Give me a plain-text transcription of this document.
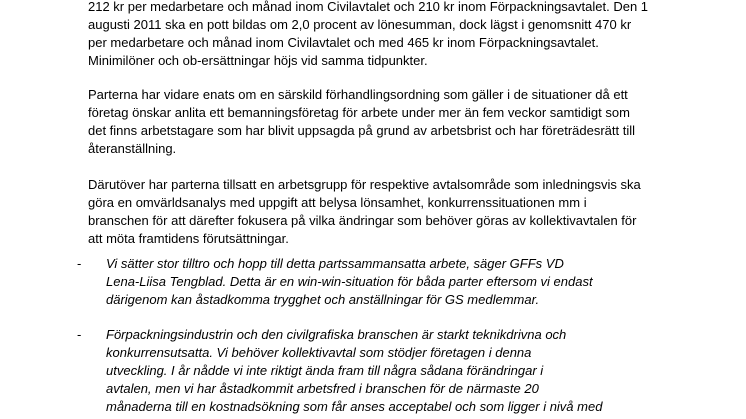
212 kr per medarbetare och månad inom Civilavtalet och 210 kr inom Förpackningsavtalet. Den 1
augusti 2011 ska en pott bildas om 2,0 procent av lönesumman, dock lägst i genomsnitt 470 kr
per medarbetare och månad inom Civilavtalet och med 465 kr inom Förpackningsavtalet.
Minimilöner och ob-ersättningar höjs vid samma tidpunkter.

Parterna har vidare enats om en särskild förhandlingsordning som gäller i de situationer då ett
företag önskar anlita ett bemanningsföretag för arbete under mer än fem veckor samtidigt som
det finns arbetstagare som har blivit uppsagda på grund av arbetsbrist och har företrädesrätt till
återanställning.

Därutöver har parterna tillsatt en arbetsgrupp för respektive avtalsområde som inledningsvis ska
göra en omvärldsanalys med uppgift att belysa lönsamhet, konkurrenssituationen mm i
branschen för att därefter fokusera på vilka ändringar som behöver göras av kollektivavtalen för
att möta framtidens förutsättningar.

- Vi sätter stor tilltro och hopp till detta partssammansatta arbete, säger GFFs VD
Lena-Liisa Tengblad. Detta är en win-win-situation för båda parter eftersom vi endast
därigenom kan åstadkomma trygghet och anställningar för GS medlemmar.
- Förpackningsindustrin och den civilgrafiska branschen är starkt teknikdrivna och
konkurrensutsatta. Vi behöver kollektivavtal som stödjer företagen i denna
utveckling. I år nådde vi inte riktigt ända fram till några sådana förändringar i
avtalen, men vi har åstadkommit arbetsfred i branschen för de närmaste 20
månaderna till en kostnadsökning som får anses acceptabel och som ligger i nivå med
